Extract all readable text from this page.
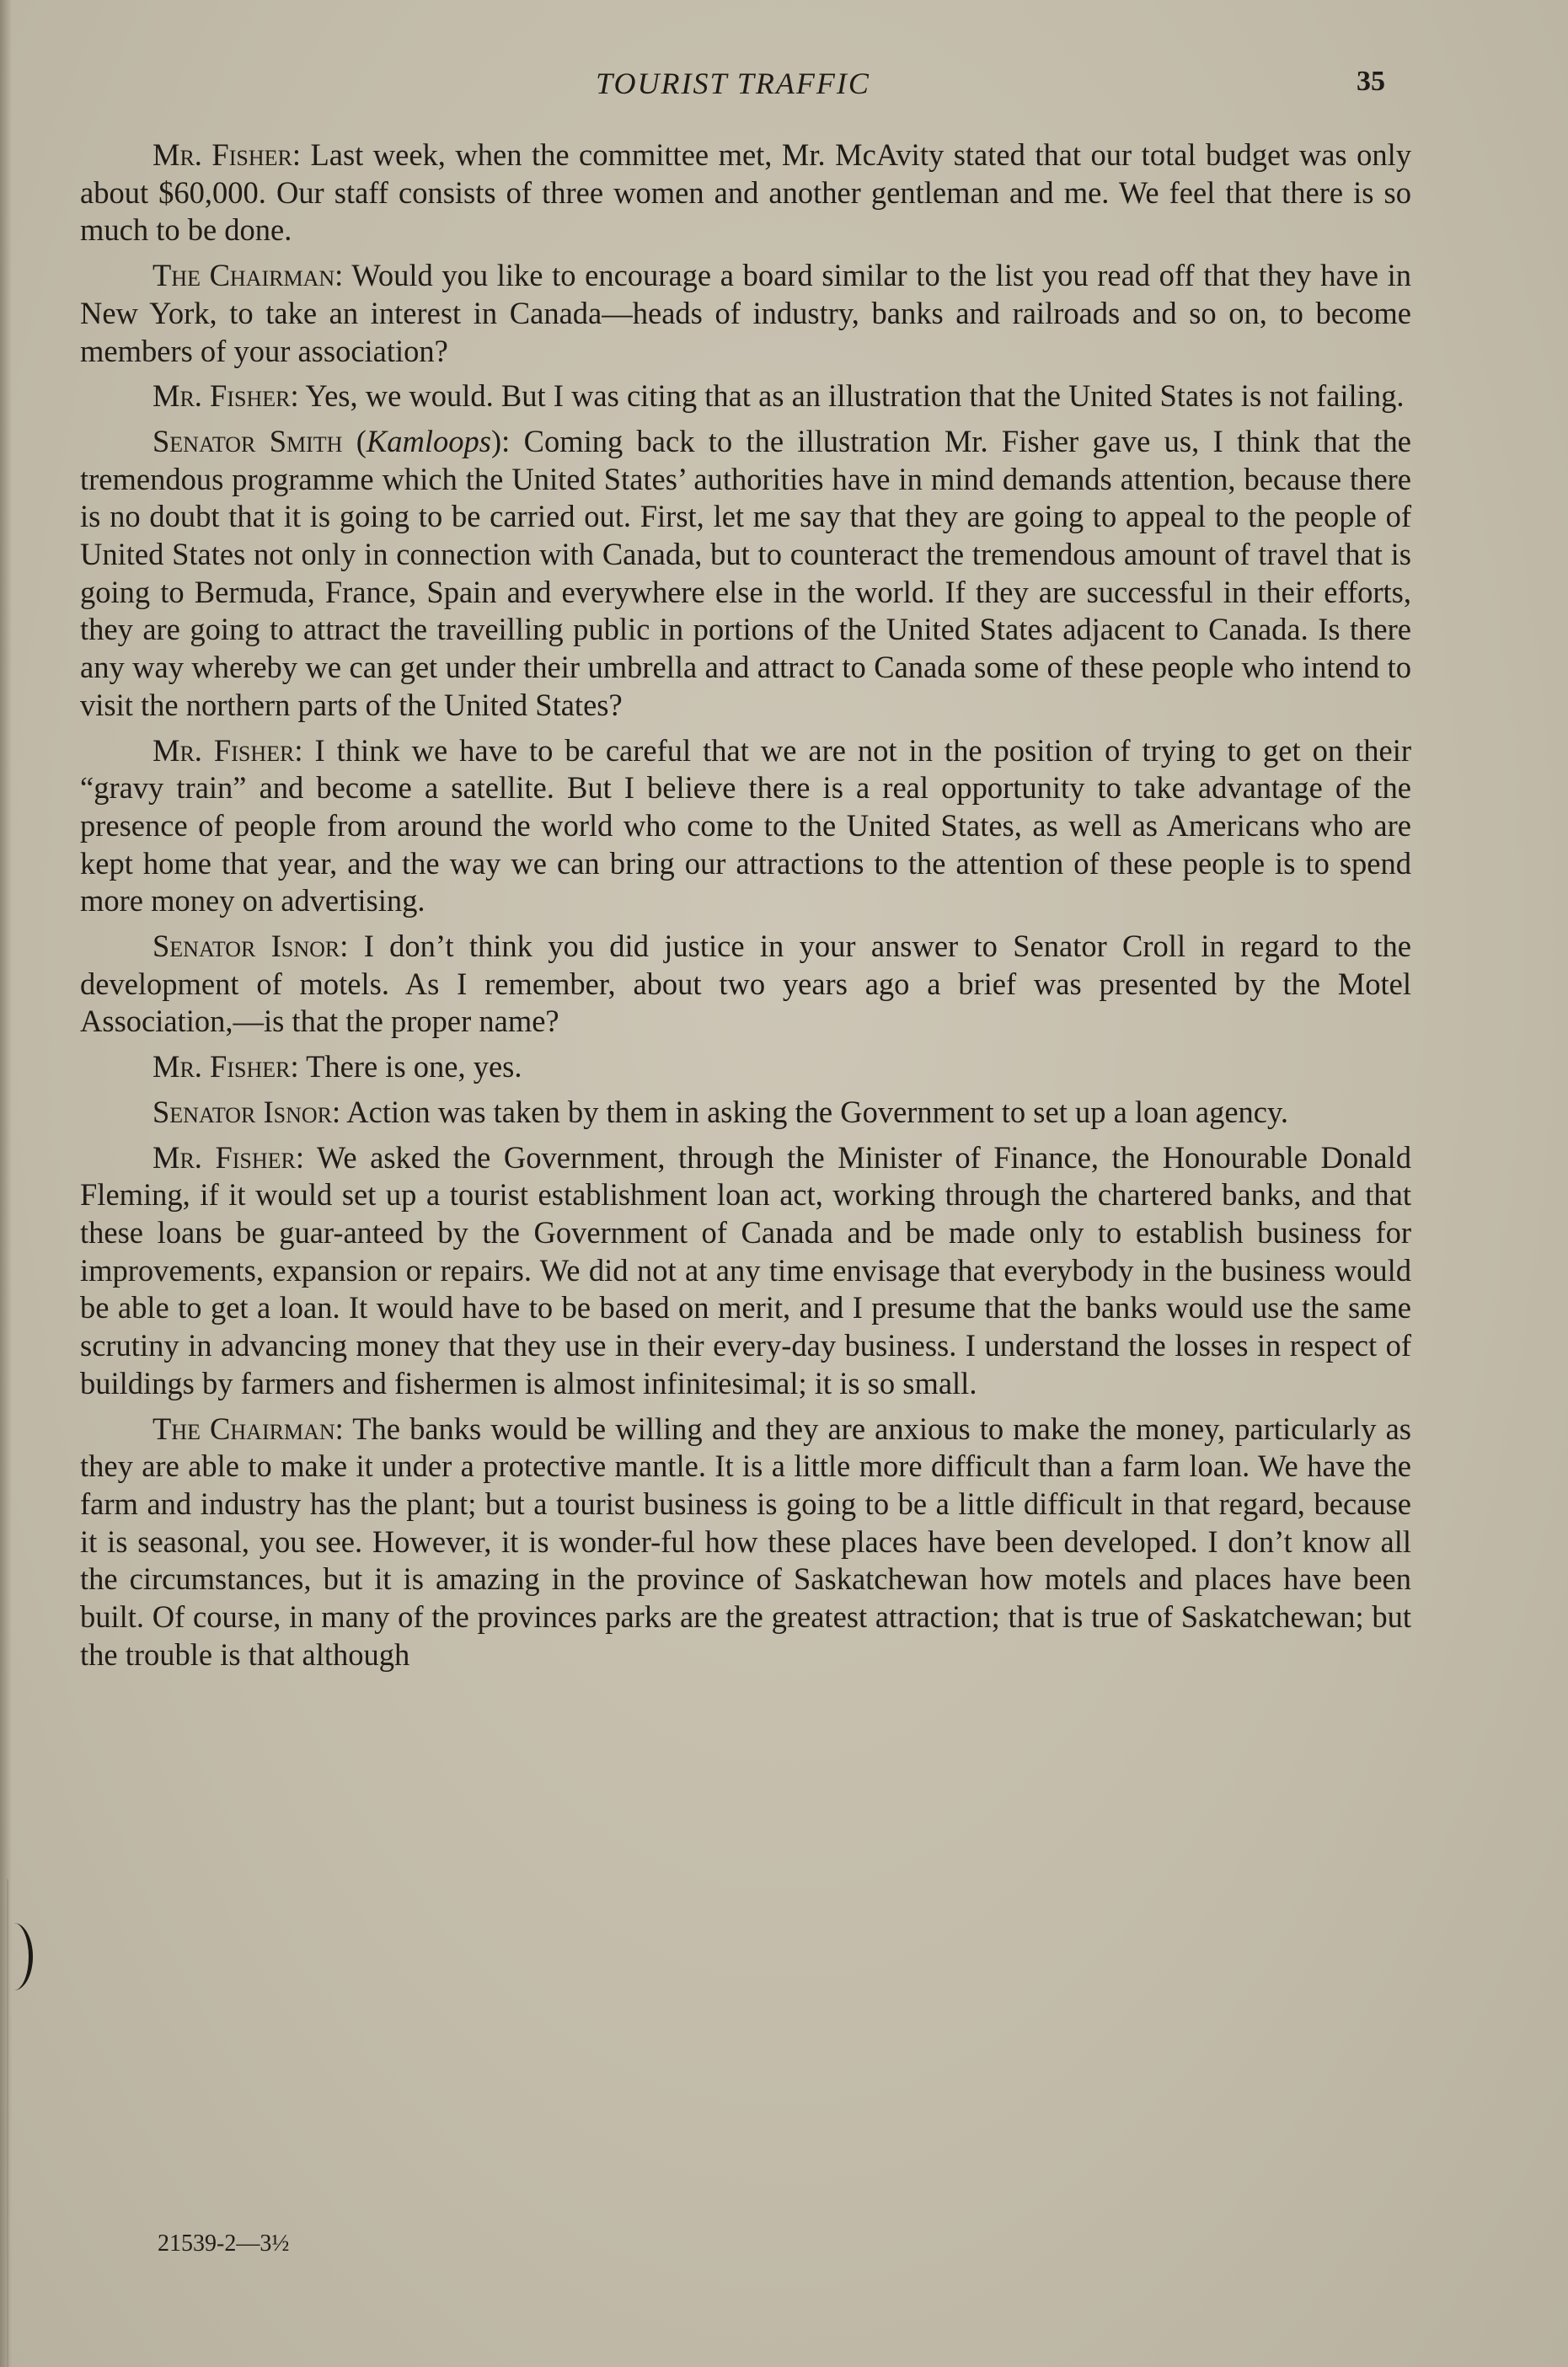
TOURIST TRAFFIC	35

Mr. Fisher: Last week, when the committee met, Mr. McAvity stated that our total budget was only about $60,000. Our staff consists of three women and another gentleman and me. We feel that there is so much to be done.

The Chairman: Would you like to encourage a board similar to the list you read off that they have in New York, to take an interest in Canada—heads of industry, banks and railroads and so on, to become members of your association?

Mr. Fisher: Yes, we would. But I was citing that as an illustration that the United States is not failing.

Senator Smith (Kamloops): Coming back to the illustration Mr. Fisher gave us, I think that the tremendous programme which the United States’ authorities have in mind demands attention, because there is no doubt that it is going to be carried out. First, let me say that they are going to appeal to the people of United States not only in connection with Canada, but to counteract the tremendous amount of travel that is going to Bermuda, France, Spain and everywhere else in the world. If they are successful in their efforts, they are going to attract the traveilling public in portions of the United States adjacent to Canada. Is there any way whereby we can get under their umbrella and attract to Canada some of these people who intend to visit the northern parts of the United States?

Mr. Fisher: I think we have to be careful that we are not in the position of trying to get on their “gravy train” and become a satellite. But I believe there is a real opportunity to take advantage of the presence of people from around the world who come to the United States, as well as Americans who are kept home that year, and the way we can bring our attractions to the attention of these people is to spend more money on advertising.

Senator Isnor: I don’t think you did justice in your answer to Senator Croll in regard to the development of motels. As I remember, about two years ago a brief was presented by the Motel Association,—is that the proper name?

Mr. Fisher: There is one, yes.

Senator Isnor: Action was taken by them in asking the Government to set up a loan agency.

Mr. Fisher: We asked the Government, through the Minister of Finance, the Honourable Donald Fleming, if it would set up a tourist establishment loan act, working through the chartered banks, and that these loans be guar-anteed by the Government of Canada and be made only to establish business for improvements, expansion or repairs. We did not at any time envisage that everybody in the business would be able to get a loan. It would have to be based on merit, and I presume that the banks would use the same scrutiny in advancing money that they use in their every-day business. I understand the losses in respect of buildings by farmers and fishermen is almost infinitesimal; it is so small.

The Chairman: The banks would be willing and they are anxious to make the money, particularly as they are able to make it under a protective mantle. It is a little more difficult than a farm loan. We have the farm and industry has the plant; but a tourist business is going to be a little difficult in that regard, because it is seasonal, you see. However, it is wonder-ful how these places have been developed. I don’t know all the circumstances, but it is amazing in the province of Saskatchewan how motels and places have been built. Of course, in many of the provinces parks are the greatest attraction; that is true of Saskatchewan; but the trouble is that although

21539-2—3½
